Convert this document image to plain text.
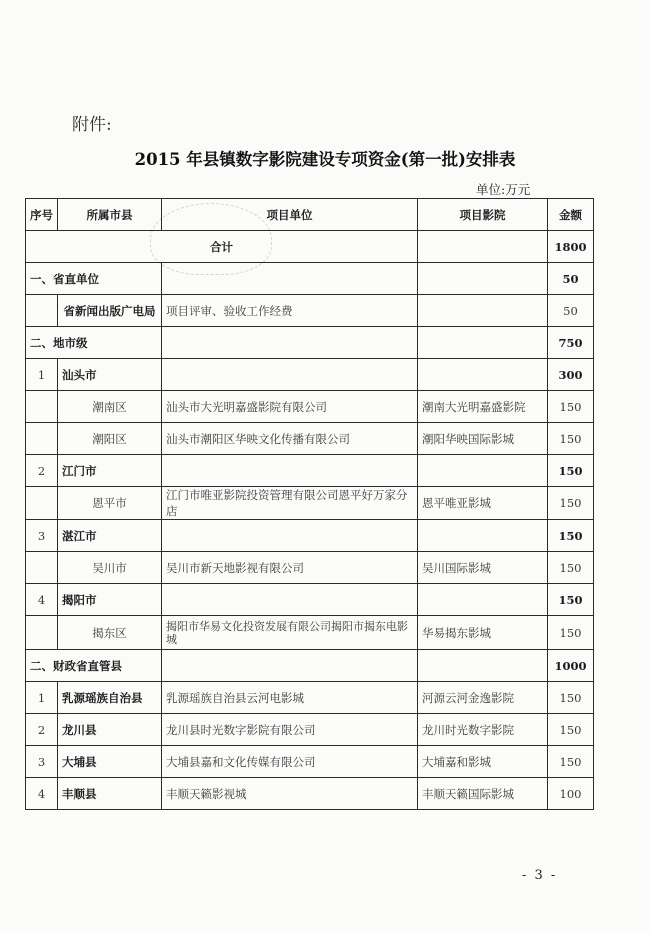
附件:
2015 年县镇数字影院建设专项资金(第一批)安排表
单位:万元
序号	所属市县	项目单位	项目影院	金额
合计				1800
一、省直单位				50
	省新闻出版广电局	项目评审、验收工作经费		50
二、地市级				750
1	汕头市			300
	潮南区	汕头市大光明嘉盛影院有限公司	潮南大光明嘉盛影院	150
	潮阳区	汕头市潮阳区华映文化传播有限公司	潮阳华映国际影城	150
2	江门市			150
	恩平市	江门市唯亚影院投资管理有限公司恩平好万家分店	恩平唯亚影城	150
3	湛江市			150
	吴川市	吴川市新天地影视有限公司	吴川国际影城	150
4	揭阳市			150
	揭东区	揭阳市华易文化投资发展有限公司揭阳市揭东电影城	华易揭东影城	150
二、财政省直管县				1000
1	乳源瑶族自治县	乳源瑶族自治县云河电影城	河源云河金逸影院	150
2	龙川县	龙川县时光数字影院有限公司	龙川时光数字影院	150
3	大埔县	大埔县嘉和文化传媒有限公司	大埔嘉和影城	150
4	丰顺县	丰顺天籁影视城	丰顺天籁国际影城	100
- 3 -
